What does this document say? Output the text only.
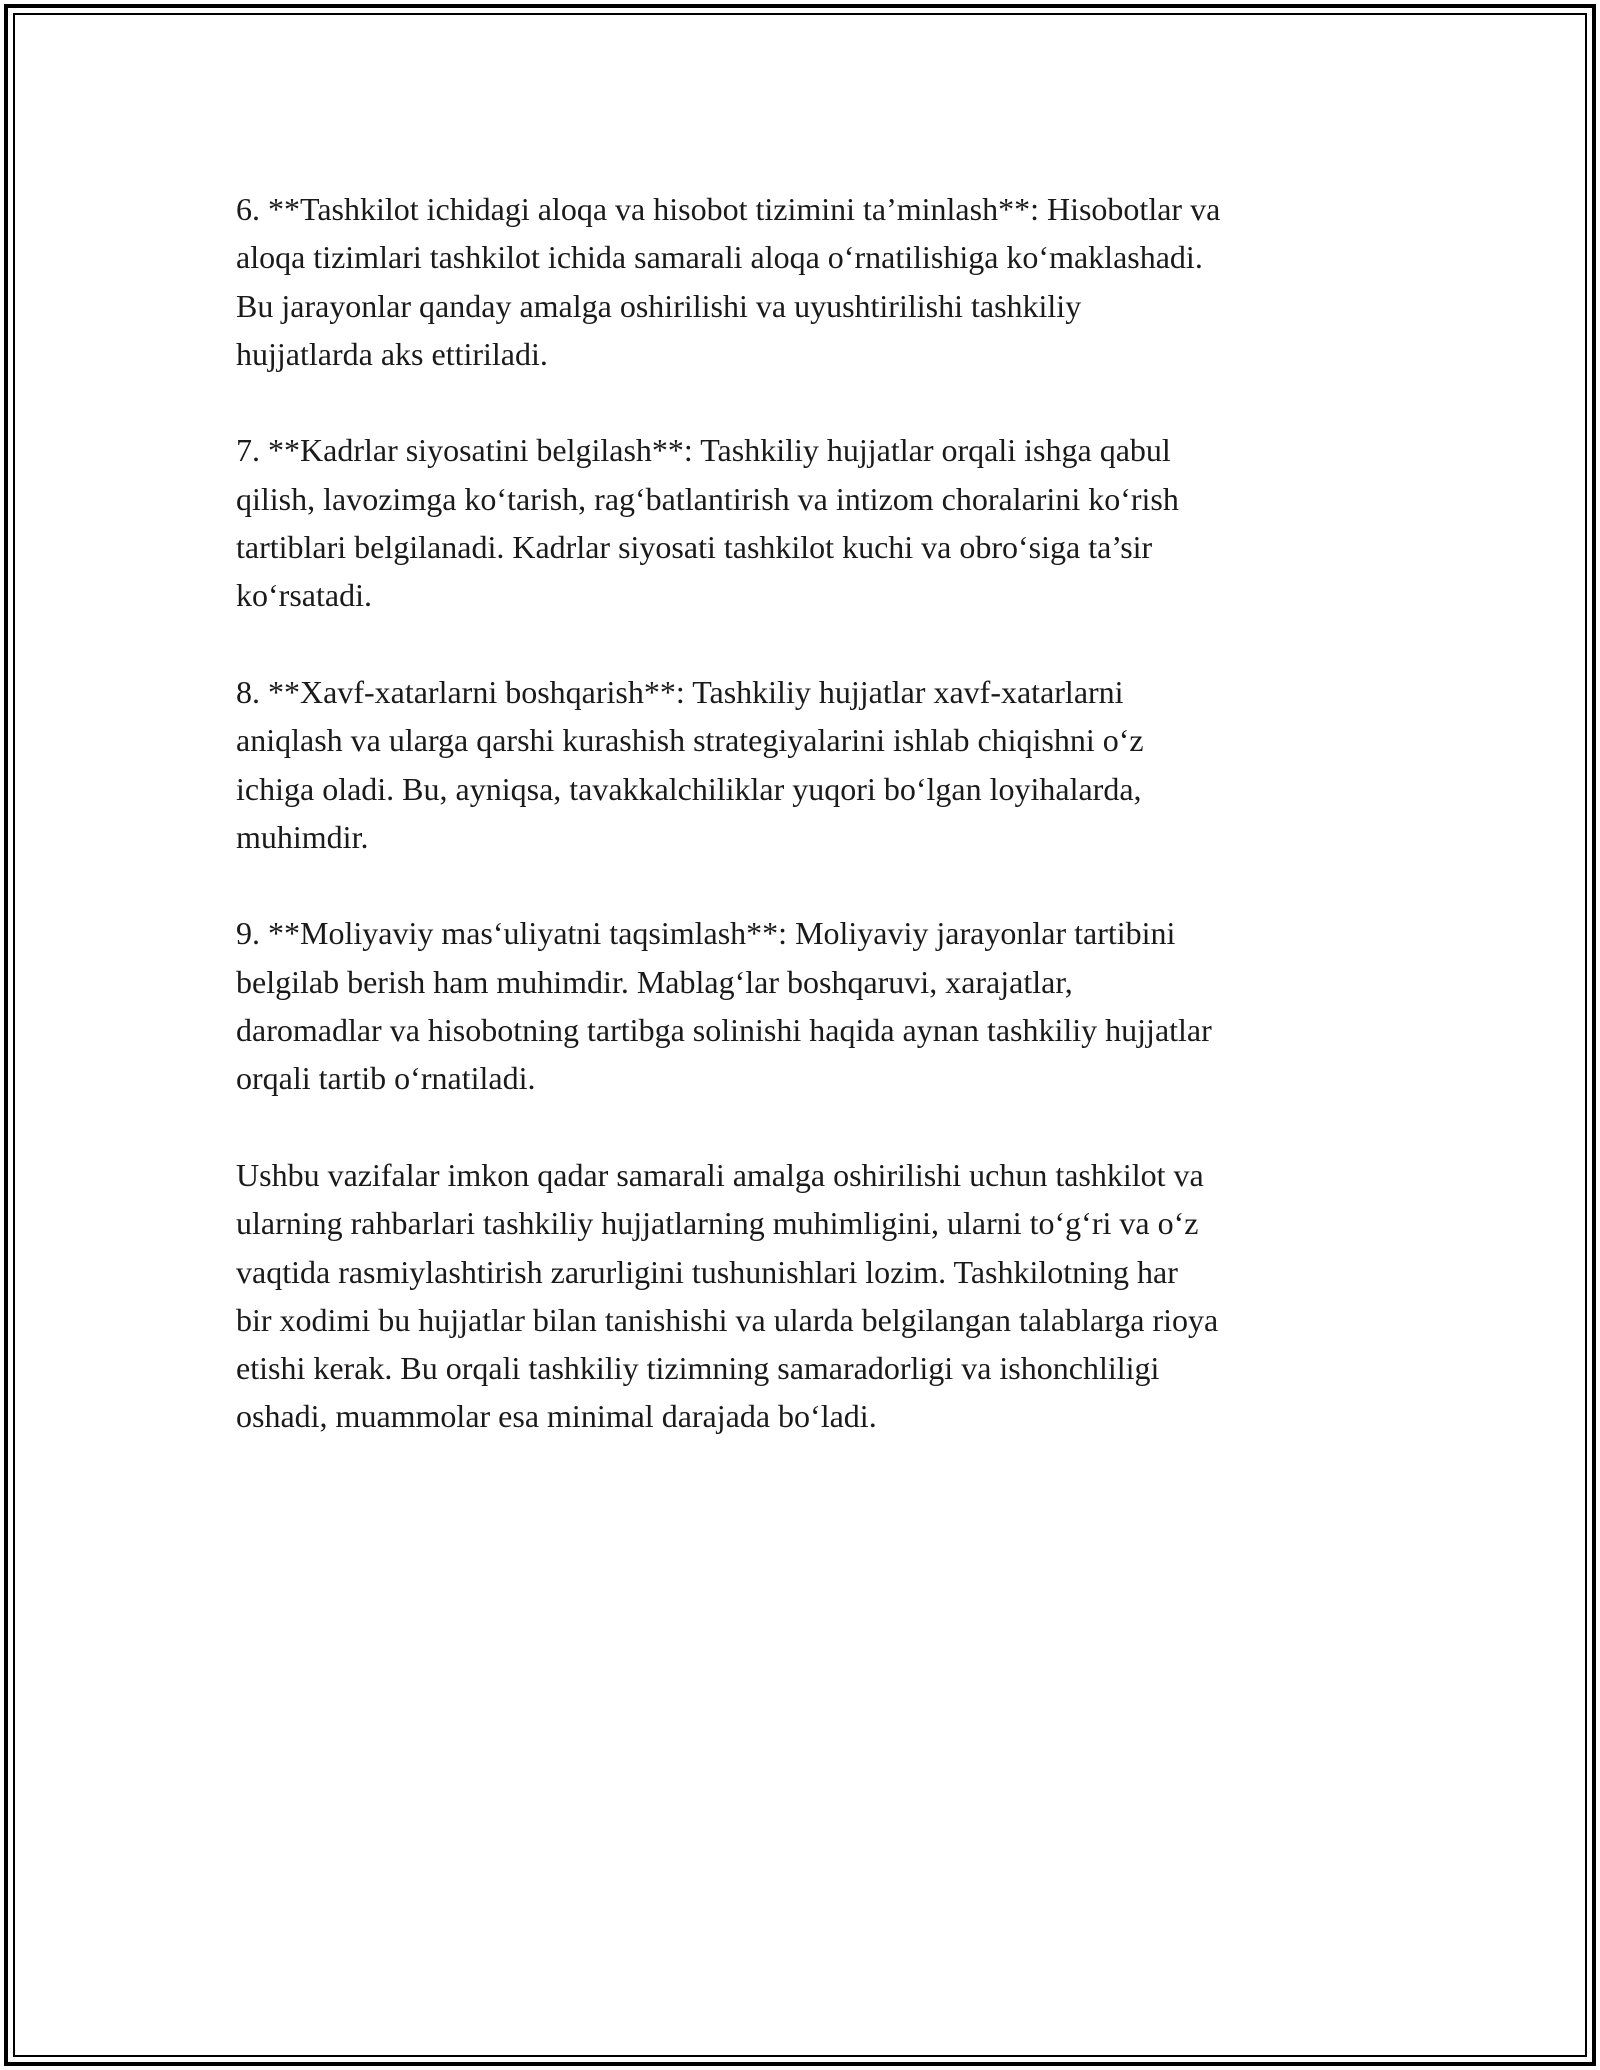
6. **Tashkilot ichidagi aloqa va hisobot tizimini ta’minlash**: Hisobotlar va
aloqa tizimlari tashkilot ichida samarali aloqa o‘rnatilishiga ko‘maklashadi.
Bu jarayonlar qanday amalga oshirilishi va uyushtirilishi tashkiliy
hujjatlarda aks ettiriladi.

7. **Kadrlar siyosatini belgilash**: Tashkiliy hujjatlar orqali ishga qabul
qilish, lavozimga ko‘tarish, rag‘batlantirish va intizom choralarini ko‘rish
tartiblari belgilanadi. Kadrlar siyosati tashkilot kuchi va obro‘siga ta’sir
ko‘rsatadi.

8. **Xavf-xatarlarni boshqarish**: Tashkiliy hujjatlar xavf-xatarlarni
aniqlash va ularga qarshi kurashish strategiyalarini ishlab chiqishni o‘z
ichiga oladi. Bu, ayniqsa, tavakkalchiliklar yuqori bo‘lgan loyihalarda,
muhimdir.

9. **Moliyaviy mas‘uliyatni taqsimlash**: Moliyaviy jarayonlar tartibini
belgilab berish ham muhimdir. Mablag‘lar boshqaruvi, xarajatlar,
daromadlar va hisobotning tartibga solinishi haqida aynan tashkiliy hujjatlar
orqali tartib o‘rnatiladi.

Ushbu vazifalar imkon qadar samarali amalga oshirilishi uchun tashkilot va
ularning rahbarlari tashkiliy hujjatlarning muhimligini, ularni to‘g‘ri va o‘z
vaqtida rasmiylashtirish zarurligini tushunishlari lozim. Tashkilotning har
bir xodimi bu hujjatlar bilan tanishishi va ularda belgilangan talablarga rioya
etishi kerak. Bu orqali tashkiliy tizimning samaradorligi va ishonchliligi
oshadi, muammolar esa minimal darajada bo‘ladi.
